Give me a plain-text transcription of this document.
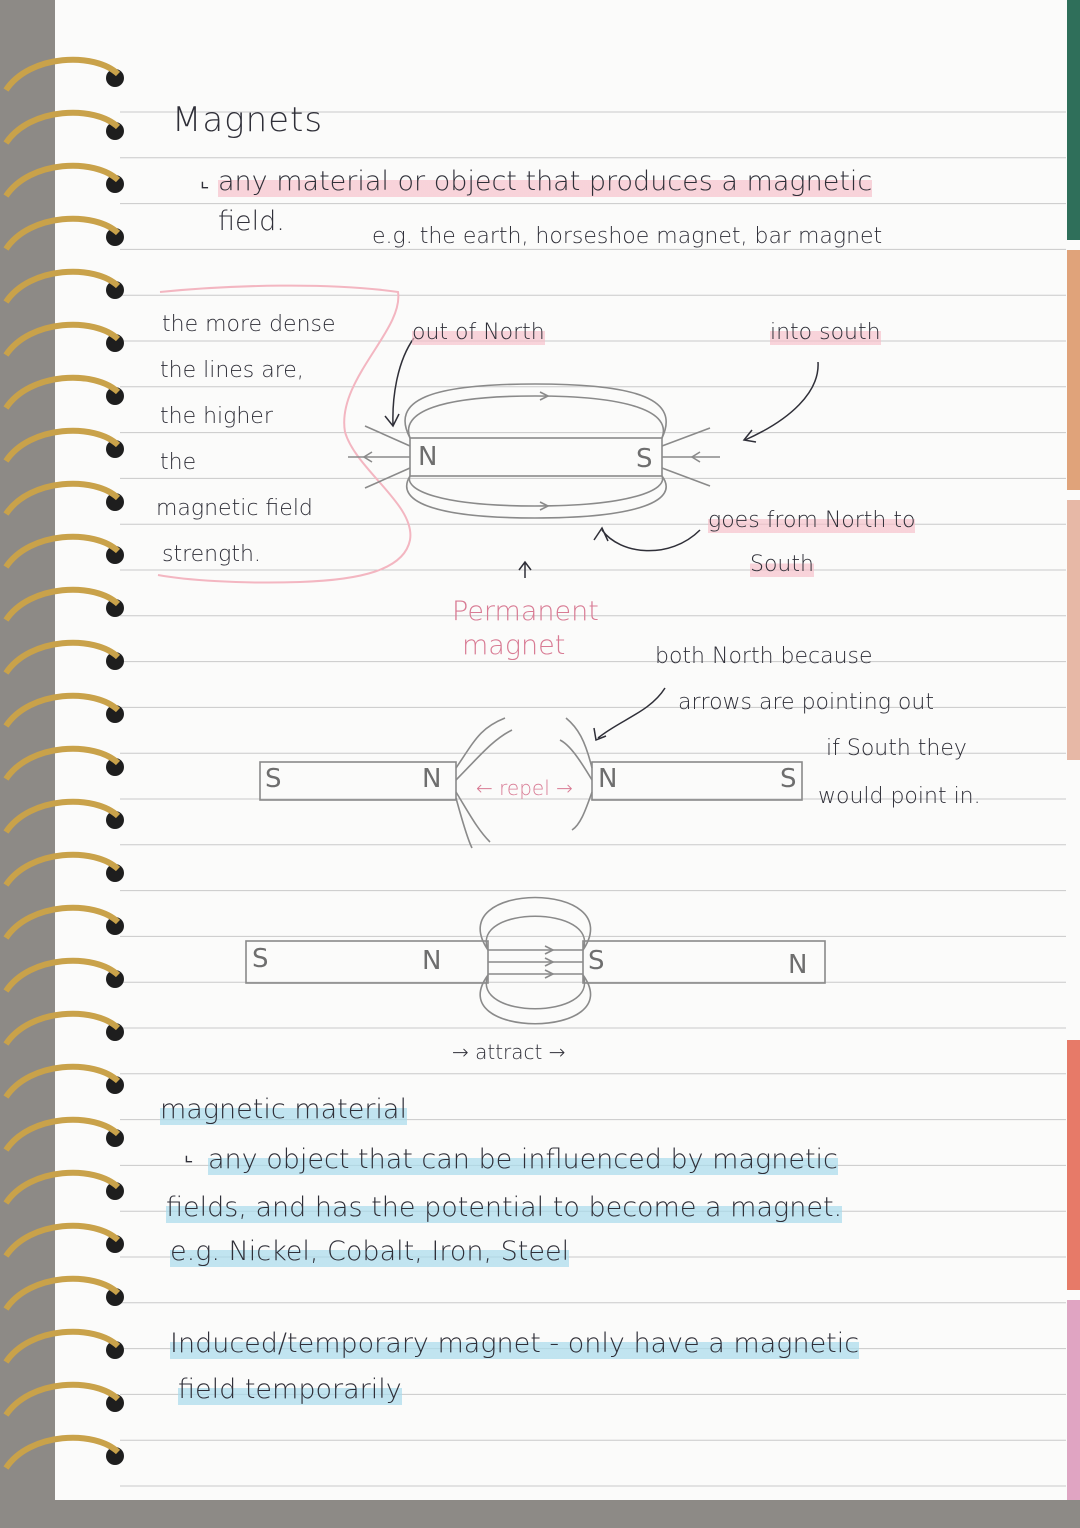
N	S
S	N	N	S
S	N	S	N
Magnets
⌞ any material or object that produces a magnetic
field.	e.g. the earth, horseshoe magnet, bar magnet
the more dense
the lines are,
the higher
the
magnetic field
strength.
out of North	into south
goes from North to
South
Permanent
magnet	both North because
arrows are pointing out
if South they
would point in.
← repel →
→ attract →
magnetic material
⌞ any object that can be influenced by magnetic
fields, and has the potential to become a magnet.
e.g. Nickel, Cobalt, Iron, Steel
Induced/temporary magnet - only have a magnetic
field temporarily
